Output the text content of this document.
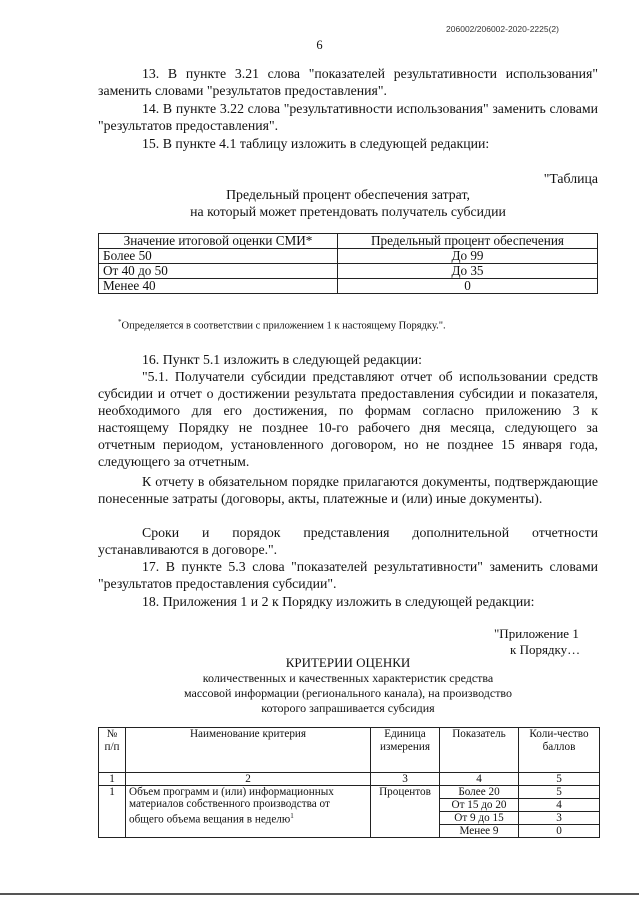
206002/206002-2020-2225(2)
6

13. В пункте 3.21 слова "показателей результативности использования" заменить словами "результатов предоставления".

14. В пункте 3.22 слова "результативности использования" заменить словами "результатов предоставления".

15. В пункте 4.1 таблицу изложить в следующей редакции:

"Таблица

Предельный процент обеспечения затрат,

на который может претендовать получатель субсидии

Значение итоговой оценки СМИ*	Предельный процент обеспечения
Более 50	До 99
От 40 до 50	До 35
Менее 40	0
*Определяется в соответствии с приложением 1 к настоящему Порядку.".

16. Пункт 5.1 изложить в следующей редакции:

"5.1. Получатели субсидии представляют отчет об использовании средств субсидии и отчет о достижении результата предоставления субсидии и показателя, необходимого для его достижения, по формам согласно приложению 3 к настоящему Порядку не позднее 10-го рабочего дня месяца, следующего за отчетным периодом, установленного договором, но не позднее 15 января года, следующего за отчетным.

К отчету в обязательном порядке прилагаются документы, подтверждающие понесенные затраты (договоры, акты, платежные и (или) иные документы).

Сроки и порядок представления дополнительной отчетности устанавливаются в договоре.".

17. В пункте 5.3 слова "показателей результативности" заменить словами "результатов предоставления субсидии".

18. Приложения 1 и 2 к Порядку изложить в следующей редакции:

"Приложение 1
к Порядку…
КРИТЕРИИ ОЦЕНКИ
количественных и качественных характеристик средства
массовой информации (регионального канала), на производство
которого запрашивается субсидия
№ п/п	Наименование критерия	Единица измерения	Показатель	Коли-чество баллов
1	2	3	4	5
1	Объем программ и (или) информационных материалов собственного производства от общего объема вещания в неделю$^1$	Процентов	Более 20	5
			От 15 до 20	4
			От 9 до 15	3
			Менее 9	0
